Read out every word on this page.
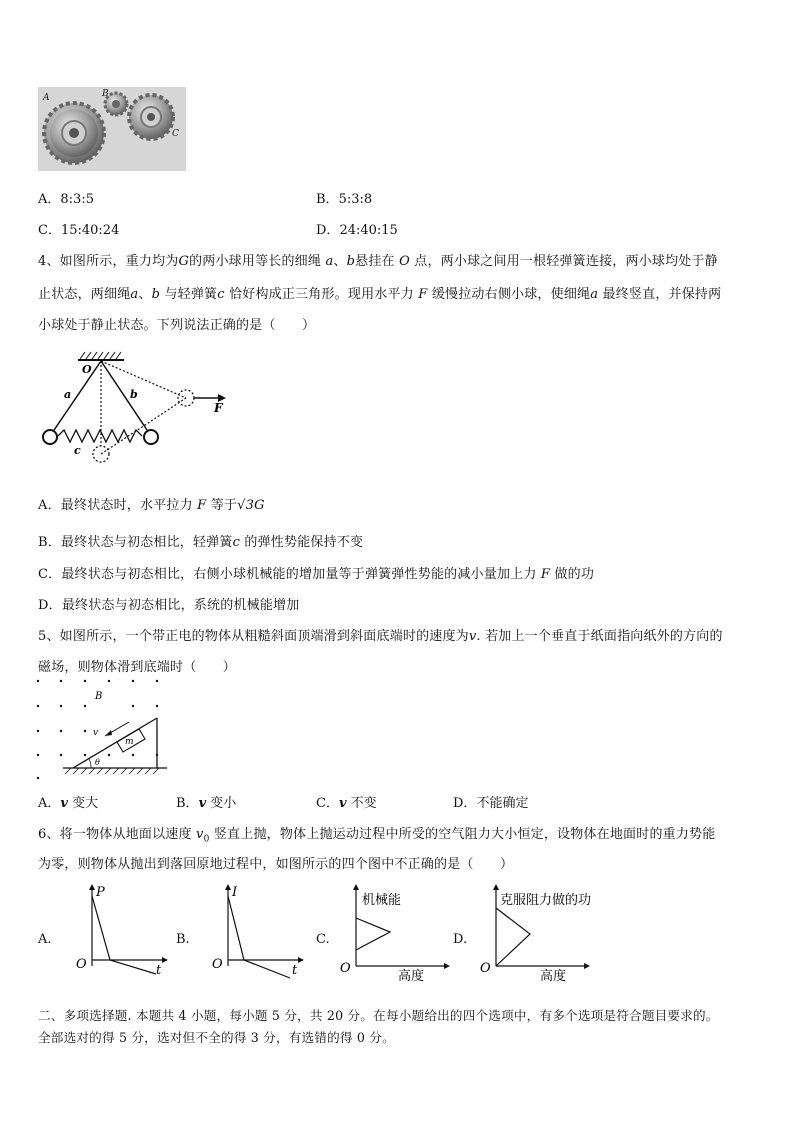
A	B
C
A．8:3:5	B．5:3:8
C．15:40:24	D．24:40:15
4、如图所示，重力均为G的两小球用等长的细绳 a、b悬挂在 O 点，两小球之间用一根轻弹簧连接，两小球均处于静
止状态，两细绳a、b 与轻弹簧c 恰好构成正三角形。现用水平力 F 缓慢拉动右侧小球，使细绳a 最终竖直，并保持两
小球处于静止状态。下列说法正确的是（　　）
O
F
a	b
c
A．最终状态时，水平拉力 F 等于√3G
B．最终状态与初态相比，轻弹簧c 的弹性势能保持不变
C．最终状态与初态相比，右侧小球机械能的增加量等于弹簧弹性势能的减小量加上力 F 做的功
D．最终状态与初态相比，系统的机械能增加
5、如图所示，一个带正电的物体从粗糙斜面顶端滑到斜面底端时的速度为v. 若加上一个垂直于纸面指向纸外的方向的
磁场，则物体滑到底端时（　　）
B
m
v
θ
A．v 变大	B．v 变小	C．v 不变	D．不能确定
6、将一物体从地面以速度 $v_0$ 竖直上抛，物体上抛运动过程中所受的空气阻力大小恒定，设物体在地面时的重力势能
为零，则物体从抛出到落回原地过程中，如图所示的四个图中不正确的是（　　）
A.
P
t
O
B.
I
t
O
C.
机械能
高度
O
D.
克服阻力做的功
高度
O
二、多项选择题. 本题共 4 小题，每小题 5 分，共 20 分。在每小题给出的四个选项中，有多个选项是符合题目要求的。
全部选对的得 5 分，选对但不全的得 3 分，有选错的得 0 分。
